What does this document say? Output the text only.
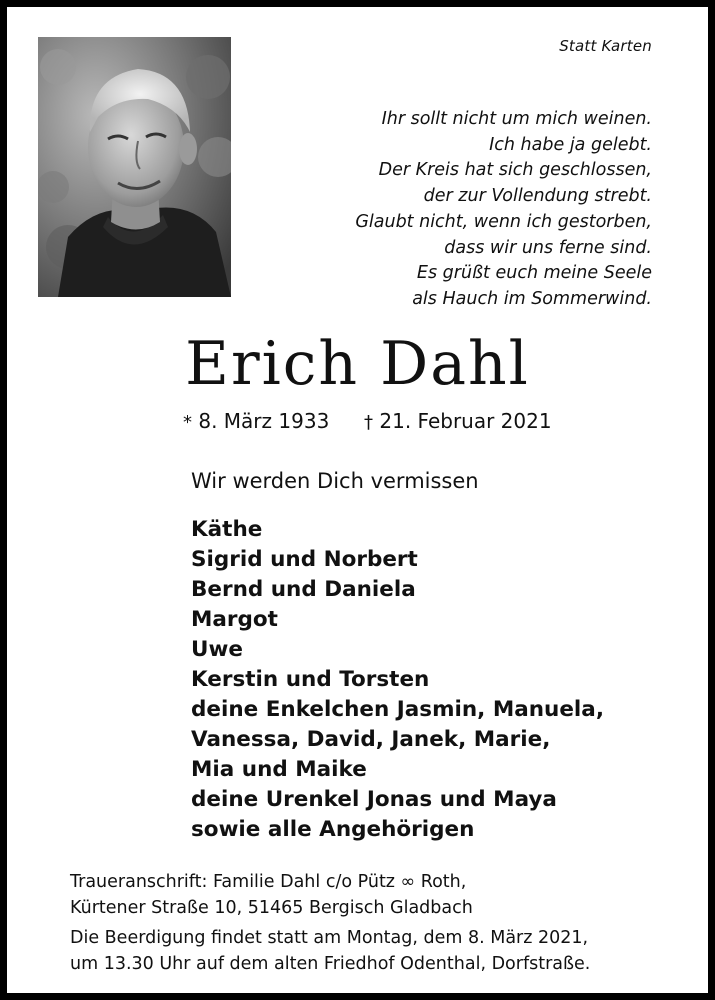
Statt Karten
Ihr sollt nicht um mich weinen.
Ich habe ja gelebt.
Der Kreis hat sich geschlossen,
der zur Vollendung strebt.
Glaubt nicht, wenn ich gestorben,
dass wir uns ferne sind.
Es grüßt euch meine Seele
als Hauch im Sommerwind.
Erich Dahl
* 8. März 1933 † 21. Februar 2021
Wir werden Dich vermissen
Käthe
Sigrid und Norbert
Bernd und Daniela
Margot
Uwe
Kerstin und Torsten
deine Enkelchen Jasmin, Manuela,
Vanessa, David, Janek, Marie,
Mia und Maike
deine Urenkel Jonas und Maya
sowie alle Angehörigen
Traueranschrift: Familie Dahl c/o Pütz ∞ Roth,
Kürtener Straße 10, 51465 Bergisch Gladbach
Die Beerdigung findet statt am Montag, dem 8. März 2021,
um 13.30 Uhr auf dem alten Friedhof Odenthal, Dorfstraße.
